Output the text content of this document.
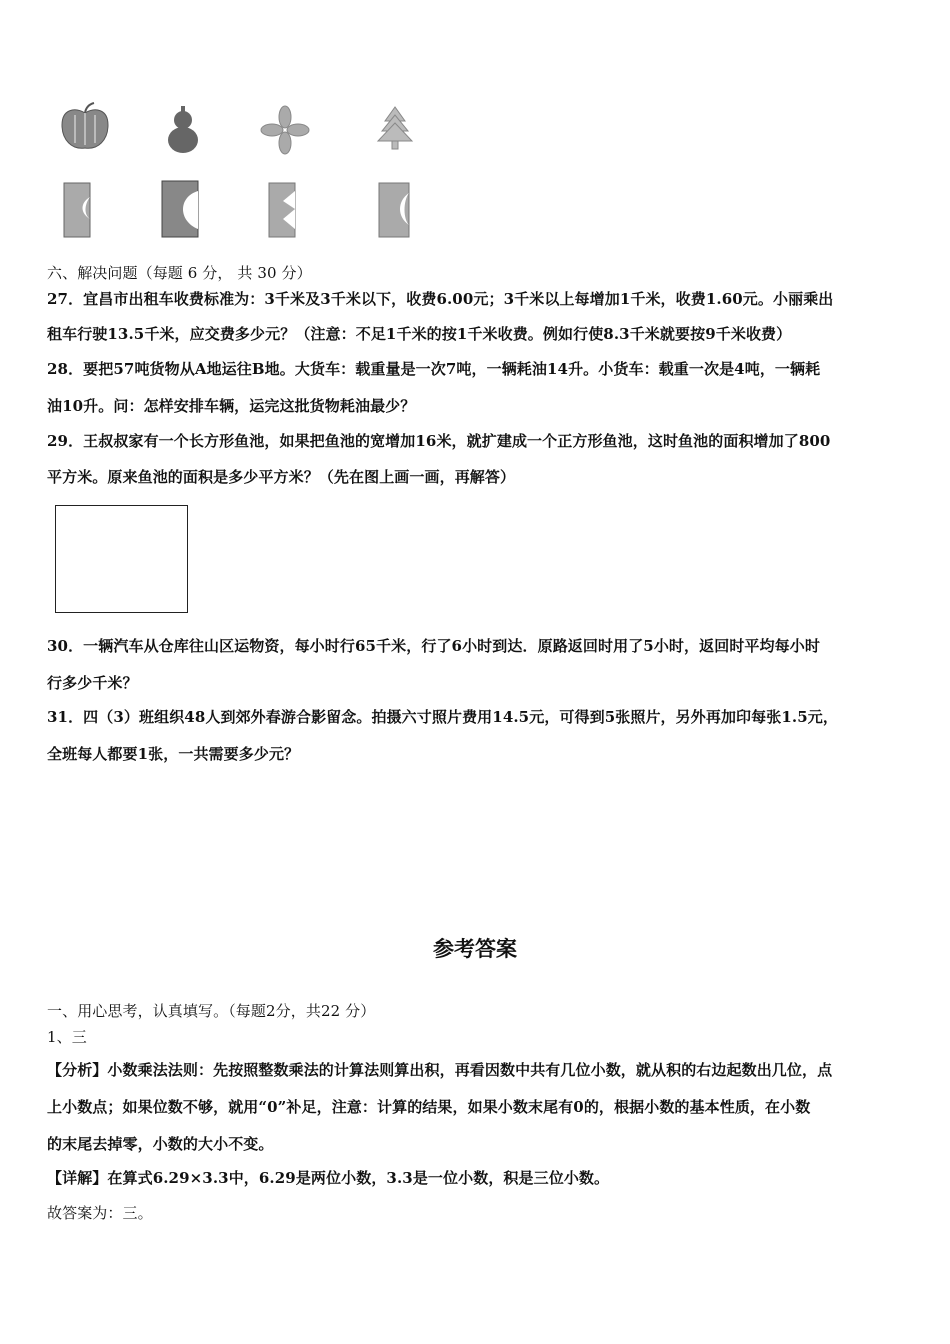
六、解决问题（每题 6 分， 共 30 分）
27．宜昌市出租车收费标准为：3千米及3千米以下，收费6.00元；3千米以上每增加1千米，收费1.60元。小丽乘出
租车行驶13.5千米，应交费多少元？（注意：不足1千米的按1千米收费。例如行使8.3千米就要按9千米收费）
28．要把57吨货物从A地运往B地。大货车：载重量是一次7吨，一辆耗油14升。小货车：载重一次是4吨，一辆耗
油10升。问：怎样安排车辆，运完这批货物耗油最少？
29．王叔叔家有一个长方形鱼池，如果把鱼池的宽增加16米，就扩建成一个正方形鱼池，这时鱼池的面积增加了800
平方米。原来鱼池的面积是多少平方米？（先在图上画一画，再解答）
30．一辆汽车从仓库往山区运物资，每小时行65千米，行了6小时到达．原路返回时用了5小时，返回时平均每小时
行多少千米？
31．四（3）班组织48人到郊外春游合影留念。拍摄六寸照片费用14.5元，可得到5张照片，另外再加印每张1.5元，
全班每人都要1张，一共需要多少元？
参考答案
一、用心思考，认真填写。（每题2分，共22 分）
1、三
【分析】小数乘法法则：先按照整数乘法的计算法则算出积，再看因数中共有几位小数，就从积的右边起数出几位，点
上小数点；如果位数不够，就用“0”补足，注意：计算的结果，如果小数末尾有0的，根据小数的基本性质，在小数
的末尾去掉零，小数的大小不变。
【详解】在算式6.29×3.3中，6.29是两位小数，3.3是一位小数，积是三位小数。
故答案为：三。
